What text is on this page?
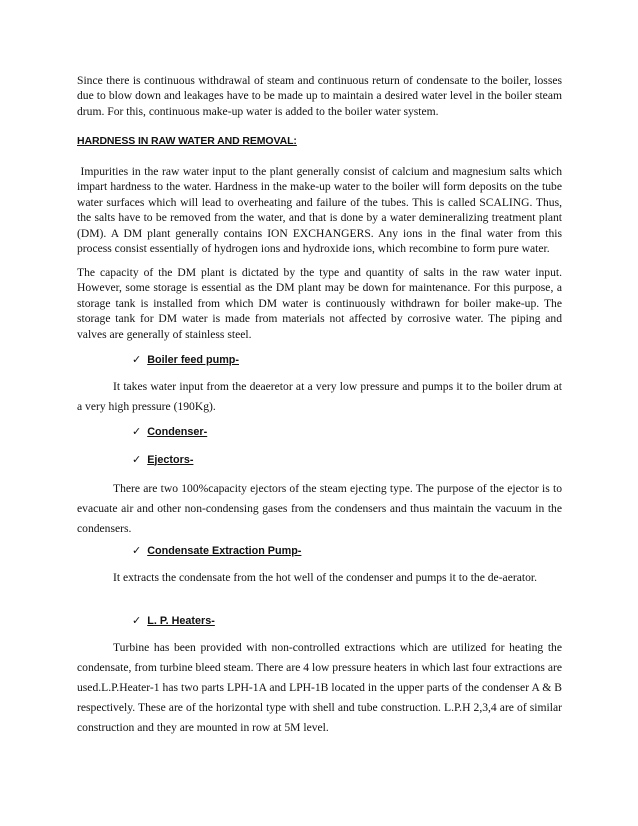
Since there is continuous withdrawal of steam and continuous return of condensate to the boiler, losses due to blow down and leakages have to be made up to maintain a desired water level in the boiler steam drum. For this, continuous make-up water is added to the boiler water system.

HARDNESS IN RAW WATER AND REMOVAL:

Impurities in the raw water input to the plant generally consist of calcium and magnesium salts which impart hardness to the water. Hardness in the make-up water to the boiler will form deposits on the tube water surfaces which will lead to overheating and failure of the tubes. This is called SCALING. Thus, the salts have to be removed from the water, and that is done by a water demineralizing treatment plant (DM). A DM plant generally contains ION EXCHANGERS. Any ions in the final water from this process consist essentially of hydrogen ions and hydroxide ions, which recombine to form pure water.

The capacity of the DM plant is dictated by the type and quantity of salts in the raw water input. However, some storage is essential as the DM plant may be down for maintenance. For this purpose, a storage tank is installed from which DM water is continuously withdrawn for boiler make-up. The storage tank for DM water is made from materials not affected by corrosive water. The piping and valves are generally of stainless steel.

✓ Boiler feed pump-

It takes water input from the deaeretor at a very low pressure and pumps it to the boiler drum at a very high pressure (190Kg).

✓ Condenser-
✓ Ejectors-

There are two 100%capacity ejectors of the steam ejecting type. The purpose of the ejector is to evacuate air and other non-condensing gases from the condensers and thus maintain the vacuum in the condensers.

✓ Condensate Extraction Pump-

It extracts the condensate from the hot well of the condenser and pumps it to the de-aerator.

✓ L. P. Heaters-

Turbine has been provided with non-controlled extractions which are utilized for heating the condensate, from turbine bleed steam. There are 4 low pressure heaters in which last four extractions are used.L.P.Heater-1 has two parts LPH-1A and LPH-1B located in the upper parts of the condenser A & B respectively. These are of the horizontal type with shell and tube construction. L.P.H 2,3,4 are of similar construction and they are mounted in row at 5M level.
